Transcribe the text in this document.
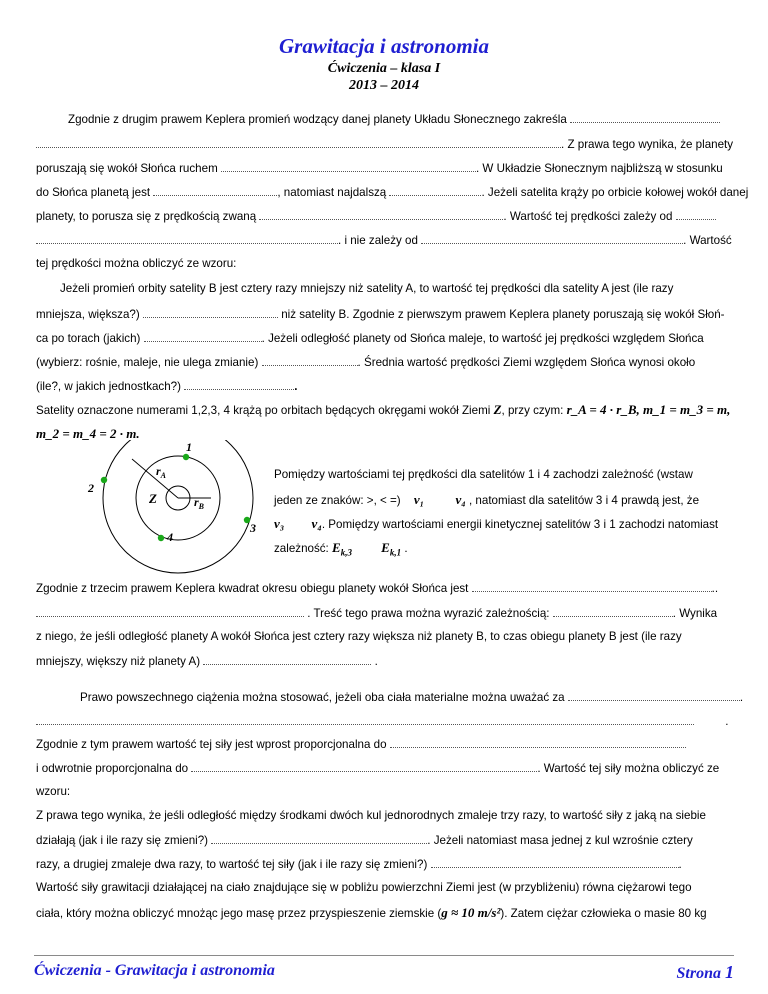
Grawitacja i astronomia
Ćwiczenia – klasa I
2013 – 2014
Zgodnie z drugim prawem Keplera promień wodzący danej planety Układu Słonecznego zakreśla
. Z prawa tego wynika, że planety
poruszają się wokół Słońca ruchem	. W Układzie Słonecznym najbliższą w stosunku
do Słońca planetą jest	, natomiast najdalszą	. Jeżeli satelita krąży po orbicie kołowej wokół danej
planety, to porusza się z prędkością zwaną	. Wartość tej prędkości zależy od
. i nie zależy od	. Wartość
tej prędkości można obliczyć ze wzoru:
Jeżeli promień orbity satelity B jest cztery razy mniejszy niż satelity A, to wartość tej prędkości dla satelity A jest (ile razy
mniejsza, większa?)	niż satelity B. Zgodnie z pierwszym prawem Keplera planety poruszają się wokół Słoń-
ca po torach (jakich)	. Jeżeli odległość planety od Słońca maleje, to wartość jej prędkości względem Słońca
(wybierz: rośnie, maleje, nie ulega zmianie)	. Średnia wartość prędkości Ziemi względem Słońca wynosi około
(ile?, w jakich jednostkach?)	.
Satelity oznaczone numerami 1,2,3, 4 krążą po orbitach będących okręgami wokół Ziemi Z, przy czym: r_A = 4 · r_B, m_1 = m_3 = m,
m_2 = m_4 = 2 · m.
1
2
3
4
Z
$r_A$
$r_B$
Pomiędzy wartościami tej prędkości dla satelitów 1 i 4 zachodzi zależność (wstaw
jeden ze znaków: >, < =) v₁ v₄ , natomiast dla satelitów 3 i 4 prawdą jest, że
v₃ v₄. Pomiędzy wartościami energii kinetycznej satelitów 3 i 1 zachodzi natomiast
zależność: $E_{k,3}$ $E_{k,1}$ .
Zgodnie z trzecim prawem Keplera kwadrat okresu obiegu planety wokół Słońca jest	..
. Treść tego prawa można wyrazić zależnością:	. Wynika
z niego, że jeśli odległość planety A wokół Słońca jest cztery razy większa niż planety B, to czas obiegu planety B jest (ile razy
mniejszy, większy niż planety A)	.
Prawo powszechnego ciążenia można stosować, jeżeli oba ciała materialne można uważać za	.
.
Zgodnie z tym prawem wartość tej siły jest wprost proporcjonalna do
i odwrotnie proporcjonalna do	. Wartość tej siły można obliczyć ze
wzoru:
Z prawa tego wynika, że jeśli odległość między środkami dwóch kul jednorodnych zmaleje trzy razy, to wartość siły z jaką na siebie
działają (jak i ile razy się zmieni?)	. Jeżeli natomiast masa jednej z kul wzrośnie cztery
razy, a drugiej zmaleje dwa razy, to wartość tej siły (jak i ile razy się zmieni?)	.
Wartość siły grawitacji działającej na ciało znajdujące się w pobliżu powierzchni Ziemi jest (w przybliżeniu) równa ciężarowi tego
ciała, który można obliczyć mnożąc jego masę przez przyspieszenie ziemskie (g ≈ 10 m/s²). Zatem ciężar człowieka o masie 80 kg
Ćwiczenia - Grawitacja i astronomia	Strona 1
